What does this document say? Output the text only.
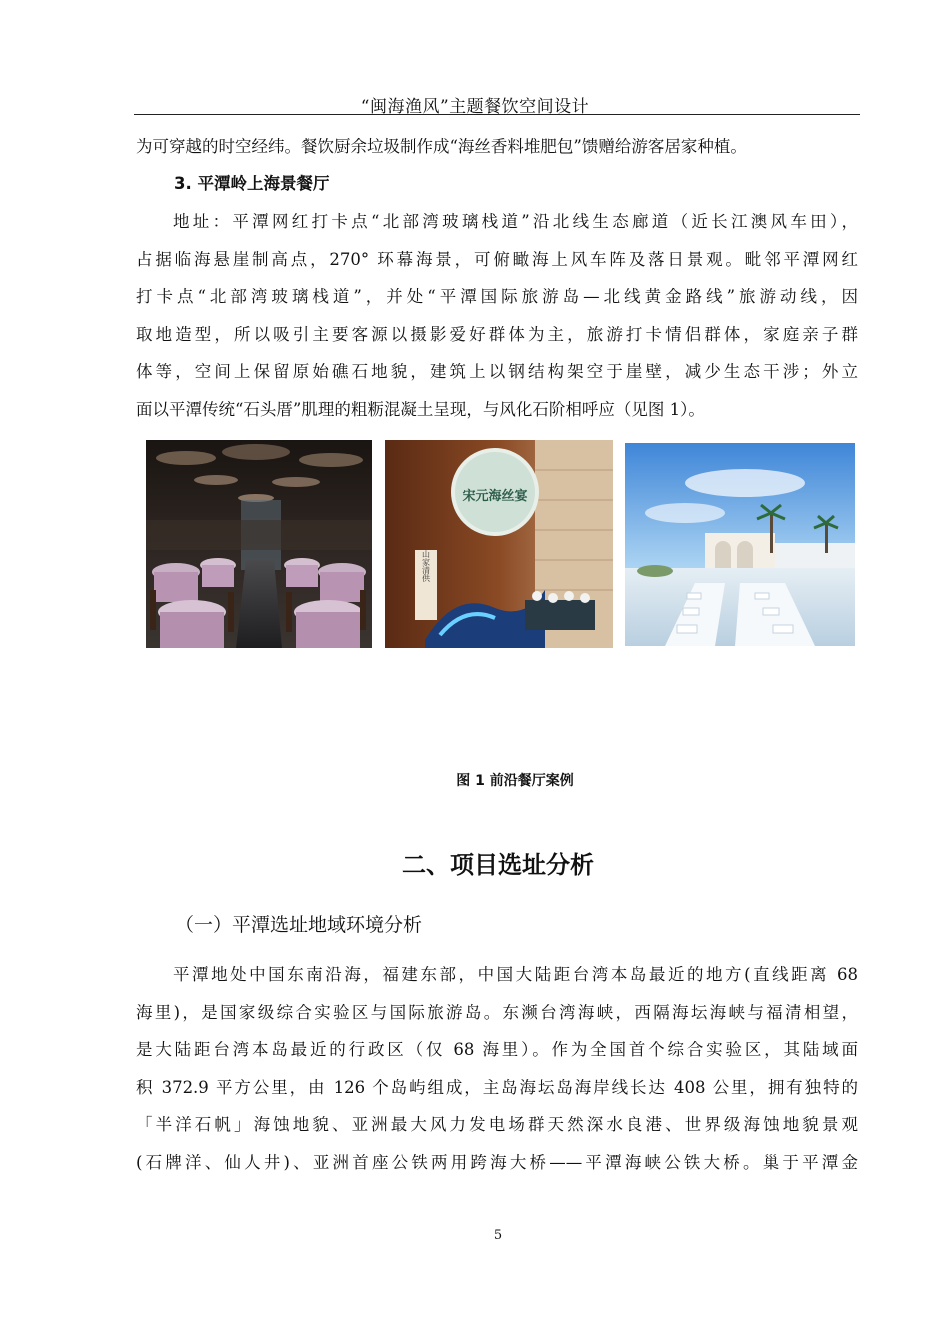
“闽海渔风”主题餐饮空间设计
为可穿越的时空经纬。餐饮厨余垃圾制作成“海丝香料堆肥包”馈赠给游客居家种植。
3. 平潭岭上海景餐厅
地址：平潭网红打卡点“北部湾玻璃栈道”沿北线生态廊道（近长江澳风车田），
占据临海悬崖制高点，270° 环幕海景，可俯瞰海上风车阵及落日景观。毗邻平潭网红
打卡点“北部湾玻璃栈道”，并处“平潭国际旅游岛—北线黄金路线”旅游动线，因
取地造型，所以吸引主要客源以摄影爱好群体为主，旅游打卡情侣群体，家庭亲子群
体等，空间上保留原始礁石地貌，建筑上以钢结构架空于崖壁，减少生态干涉；外立
面以平潭传统“石头厝”肌理的粗粝混凝土呈现，与风化石阶相呼应（见图 1）。
宋元海丝宴
山家清供
图 1 前沿餐厅案例
二、项目选址分析
（一）平潭选址地域环境分析
平潭地处中国东南沿海，福建东部，中国大陆距台湾本岛最近的地方(直线距离 68
海里)，是国家级综合实验区与国际旅游岛。东濒台湾海峡，西隔海坛海峡与福清相望，
是大陆距台湾本岛最近的行政区（仅 68 海里）。作为全国首个综合实验区，其陆域面
积 372.9 平方公里，由 126 个岛屿组成，主岛海坛岛海岸线长达 408 公里，拥有独特的
「半洋石帆」海蚀地貌、亚洲最大风力发电场群天然深水良港、世界级海蚀地貌景观
(石牌洋、仙人井)、亚洲首座公铁两用跨海大桥——平潭海峡公铁大桥。巢于平潭金
5
